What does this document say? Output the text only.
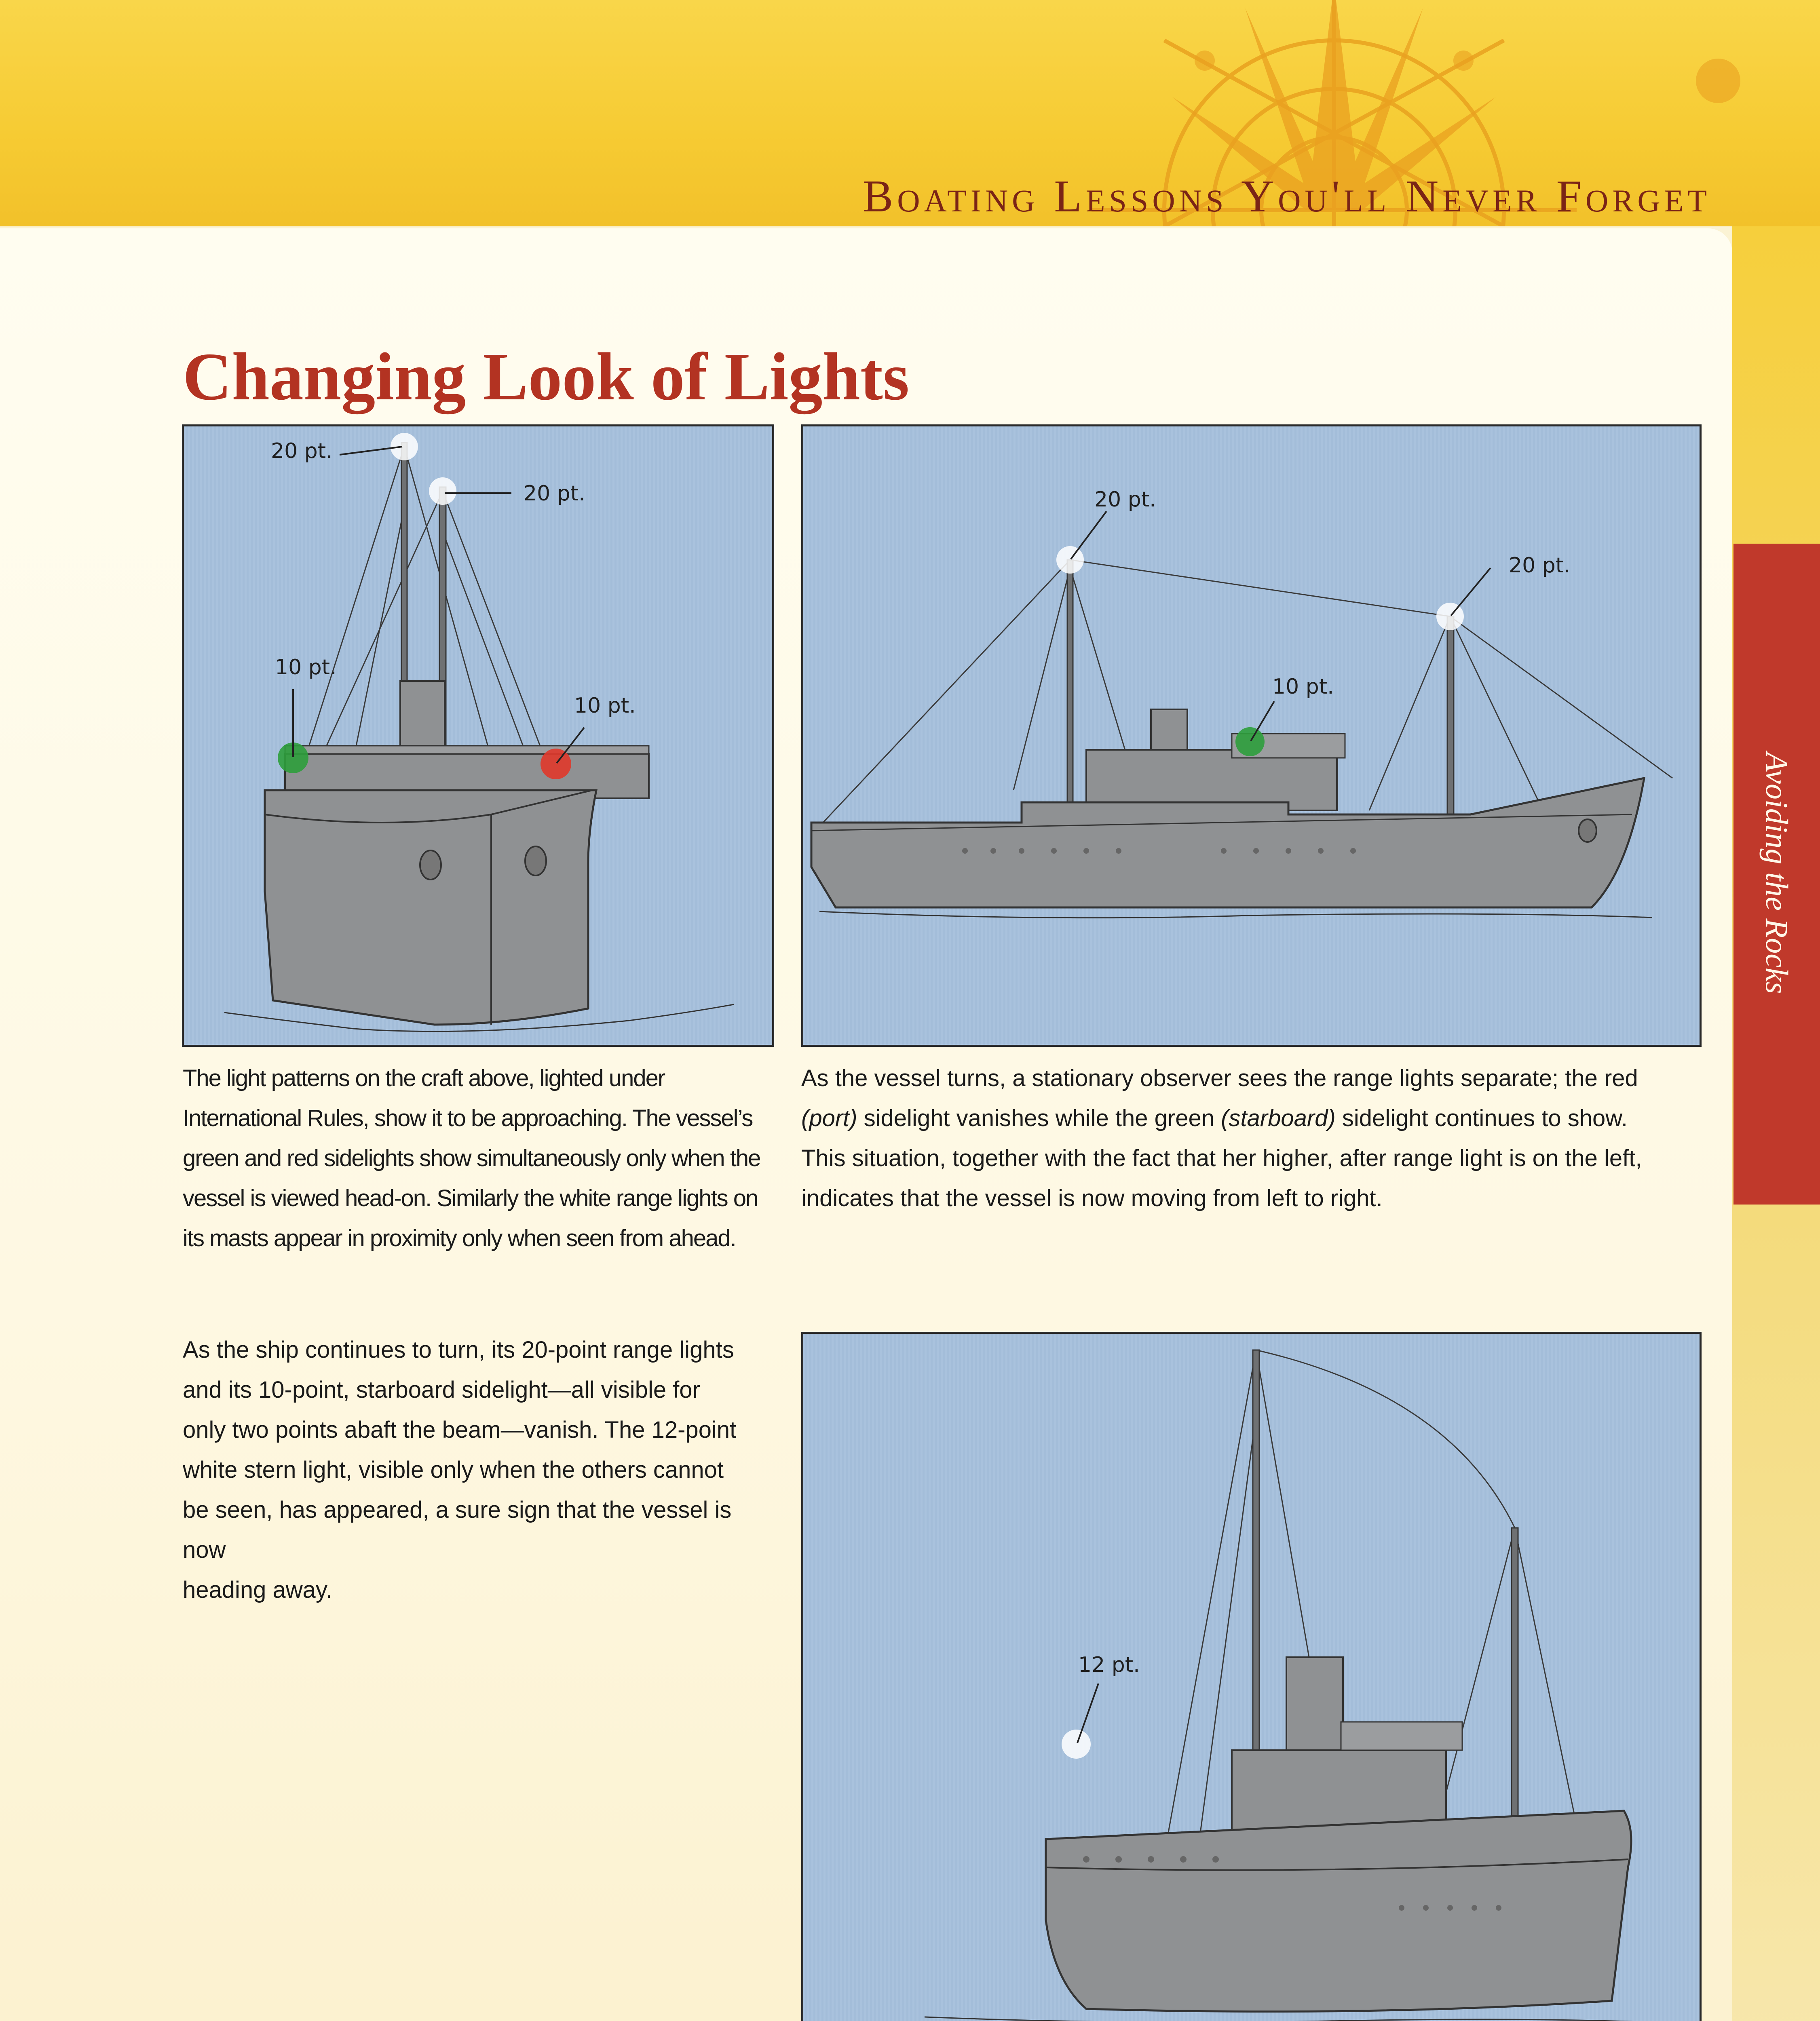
Boating Lessons You'll Never Forget
Avoiding the Rocks
Changing Look of Lights
20 pt.
20 pt.
10 pt.
10 pt.
20 pt.
20 pt.
10 pt.
12 pt.

The light patterns on the craft above, lighted under
International Rules, show it to be approaching. The vessel’s
green and red sidelights show simultaneously only when the
vessel is viewed head-on. Similarly the white range lights on
its masts appear in proximity only when seen from ahead.

As the vessel turns, a stationary observer sees the range lights separate; the red
(port) sidelight vanishes while the green (starboard) sidelight continues to show.
This situation, together with the fact that her higher, after range light is on the left,
indicates that the vessel is now moving from left to right.

As the ship continues to turn, its 20-point range lights
and its 10-point, starboard sidelight—all visible for
only two points abaft the beam—vanish. The 12-point
white stern light, visible only when the others cannot
be seen, has appeared, a sure sign that the vessel is now
heading away.
